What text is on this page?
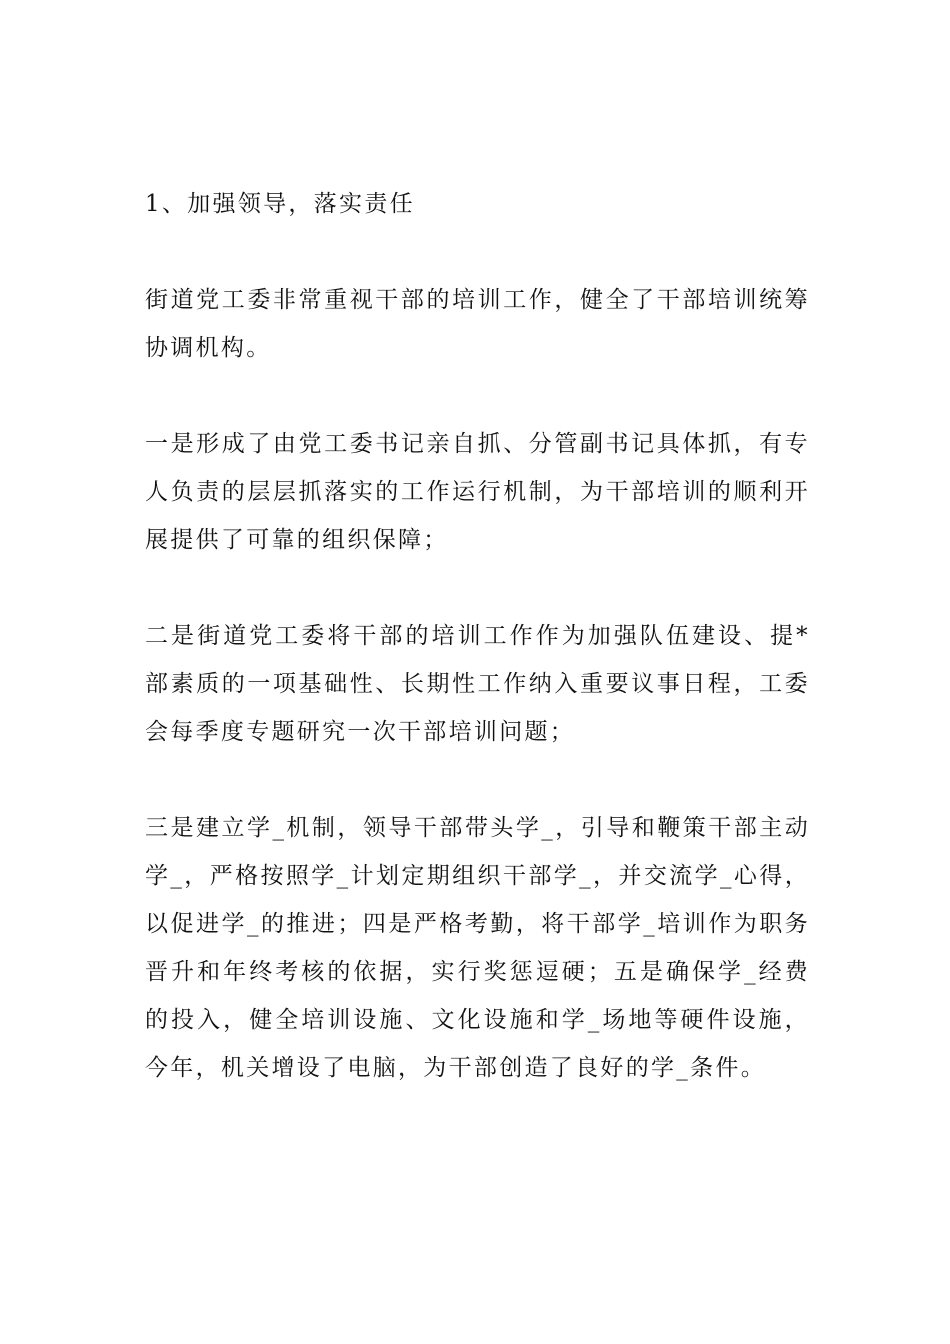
1、加强领导，落实责任

街道党工委非常重视干部的培训工作，健全了干部培训统筹协调机构。

一是形成了由党工委书记亲自抓、分管副书记具体抓，有专人负责的层层抓落实的工作运行机制，为干部培训的顺利开展提供了可靠的组织保障；

二是街道党工委将干部的培训工作作为加强队伍建设、提*部素质的一项基础性、长期性工作纳入重要议事日程，工委会每季度专题研究一次干部培训问题；

三是建立学_机制，领导干部带头学_，引导和鞭策干部主动学_，严格按照学_计划定期组织干部学_，并交流学_心得，以促进学_的推进；四是严格考勤，将干部学_培训作为职务晋升和年终考核的依据，实行奖惩逗硬；五是确保学_经费的投入，健全培训设施、文化设施和学_场地等硬件设施，今年，机关增设了电脑，为干部创造了良好的学_条件。
